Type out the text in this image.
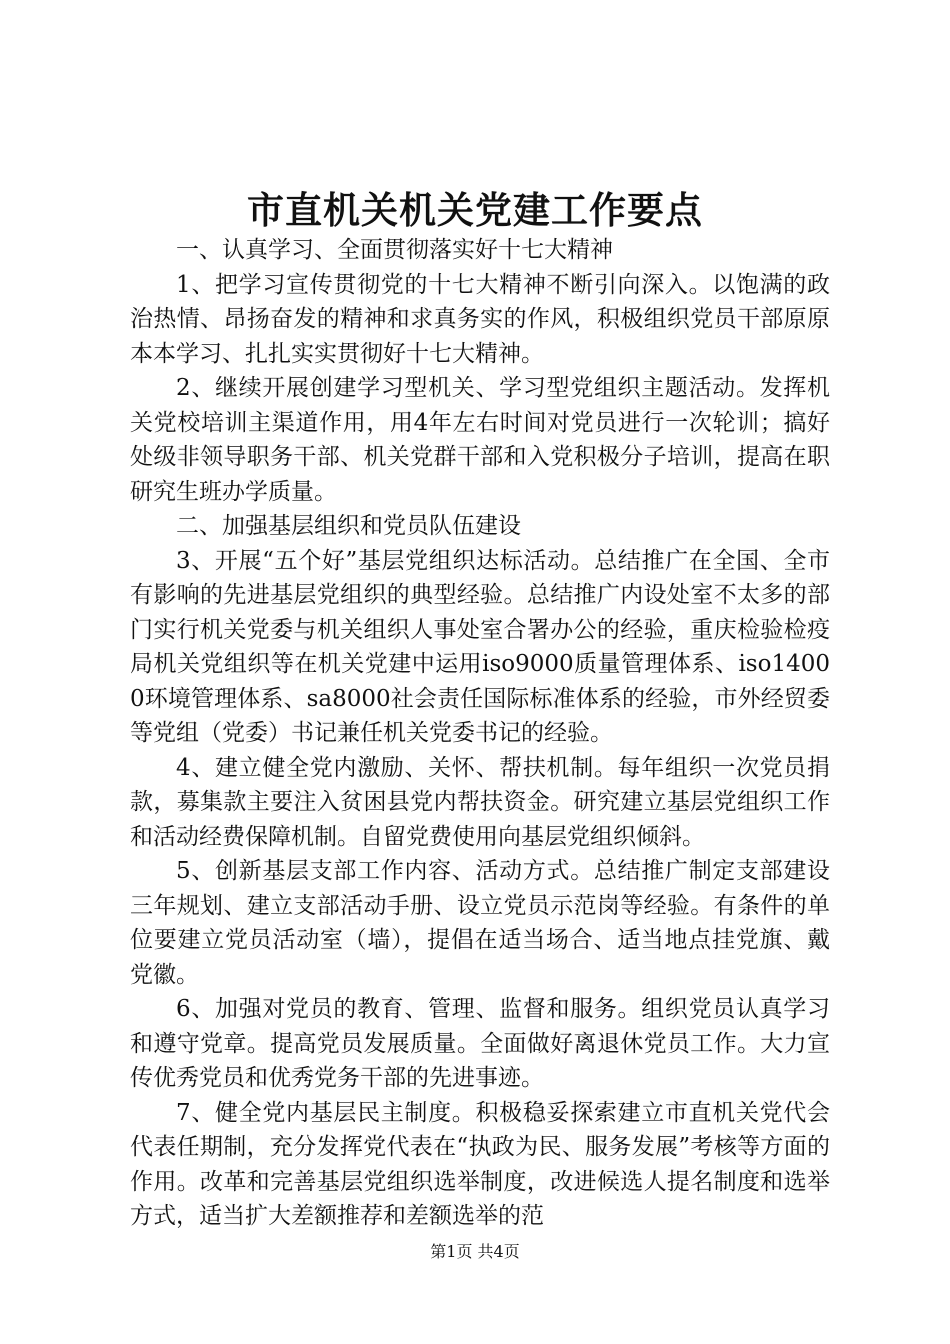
市直机关机关党建工作要点

一、认真学习、全面贯彻落实好十七大精神

1、把学习宣传贯彻党的十七大精神不断引向深入。以饱满的政治热情、昂扬奋发的精神和求真务实的作风，积极组织党员干部原原本本学习、扎扎实实贯彻好十七大精神。

2、继续开展创建学习型机关、学习型党组织主题活动。发挥机关党校培训主渠道作用，用4年左右时间对党员进行一次轮训；搞好处级非领导职务干部、机关党群干部和入党积极分子培训，提高在职研究生班办学质量。

二、加强基层组织和党员队伍建设

3、开展“五个好”基层党组织达标活动。总结推广在全国、全市有影响的先进基层党组织的典型经验。总结推广内设处室不太多的部门实行机关党委与机关组织人事处室合署办公的经验，重庆检验检疫局机关党组织等在机关党建中运用iso9000质量管理体系、iso14000环境管理体系、sa8000社会责任国际标准体系的经验，市外经贸委等党组（党委）书记兼任机关党委书记的经验。

4、建立健全党内激励、关怀、帮扶机制。每年组织一次党员捐款，募集款主要注入贫困县党内帮扶资金。研究建立基层党组织工作和活动经费保障机制。自留党费使用向基层党组织倾斜。

5、创新基层支部工作内容、活动方式。总结推广制定支部建设三年规划、建立支部活动手册、设立党员示范岗等经验。有条件的单位要建立党员活动室（墙），提倡在适当场合、适当地点挂党旗、戴党徽。

6、加强对党员的教育、管理、监督和服务。组织党员认真学习和遵守党章。提高党员发展质量。全面做好离退休党员工作。大力宣传优秀党员和优秀党务干部的先进事迹。

7、健全党内基层民主制度。积极稳妥探索建立市直机关党代会代表任期制，充分发挥党代表在“执政为民、服务发展”考核等方面的作用。改革和完善基层党组织选举制度，改进候选人提名制度和选举方式，适当扩大差额推荐和差额选举的范

第1页 共4页
